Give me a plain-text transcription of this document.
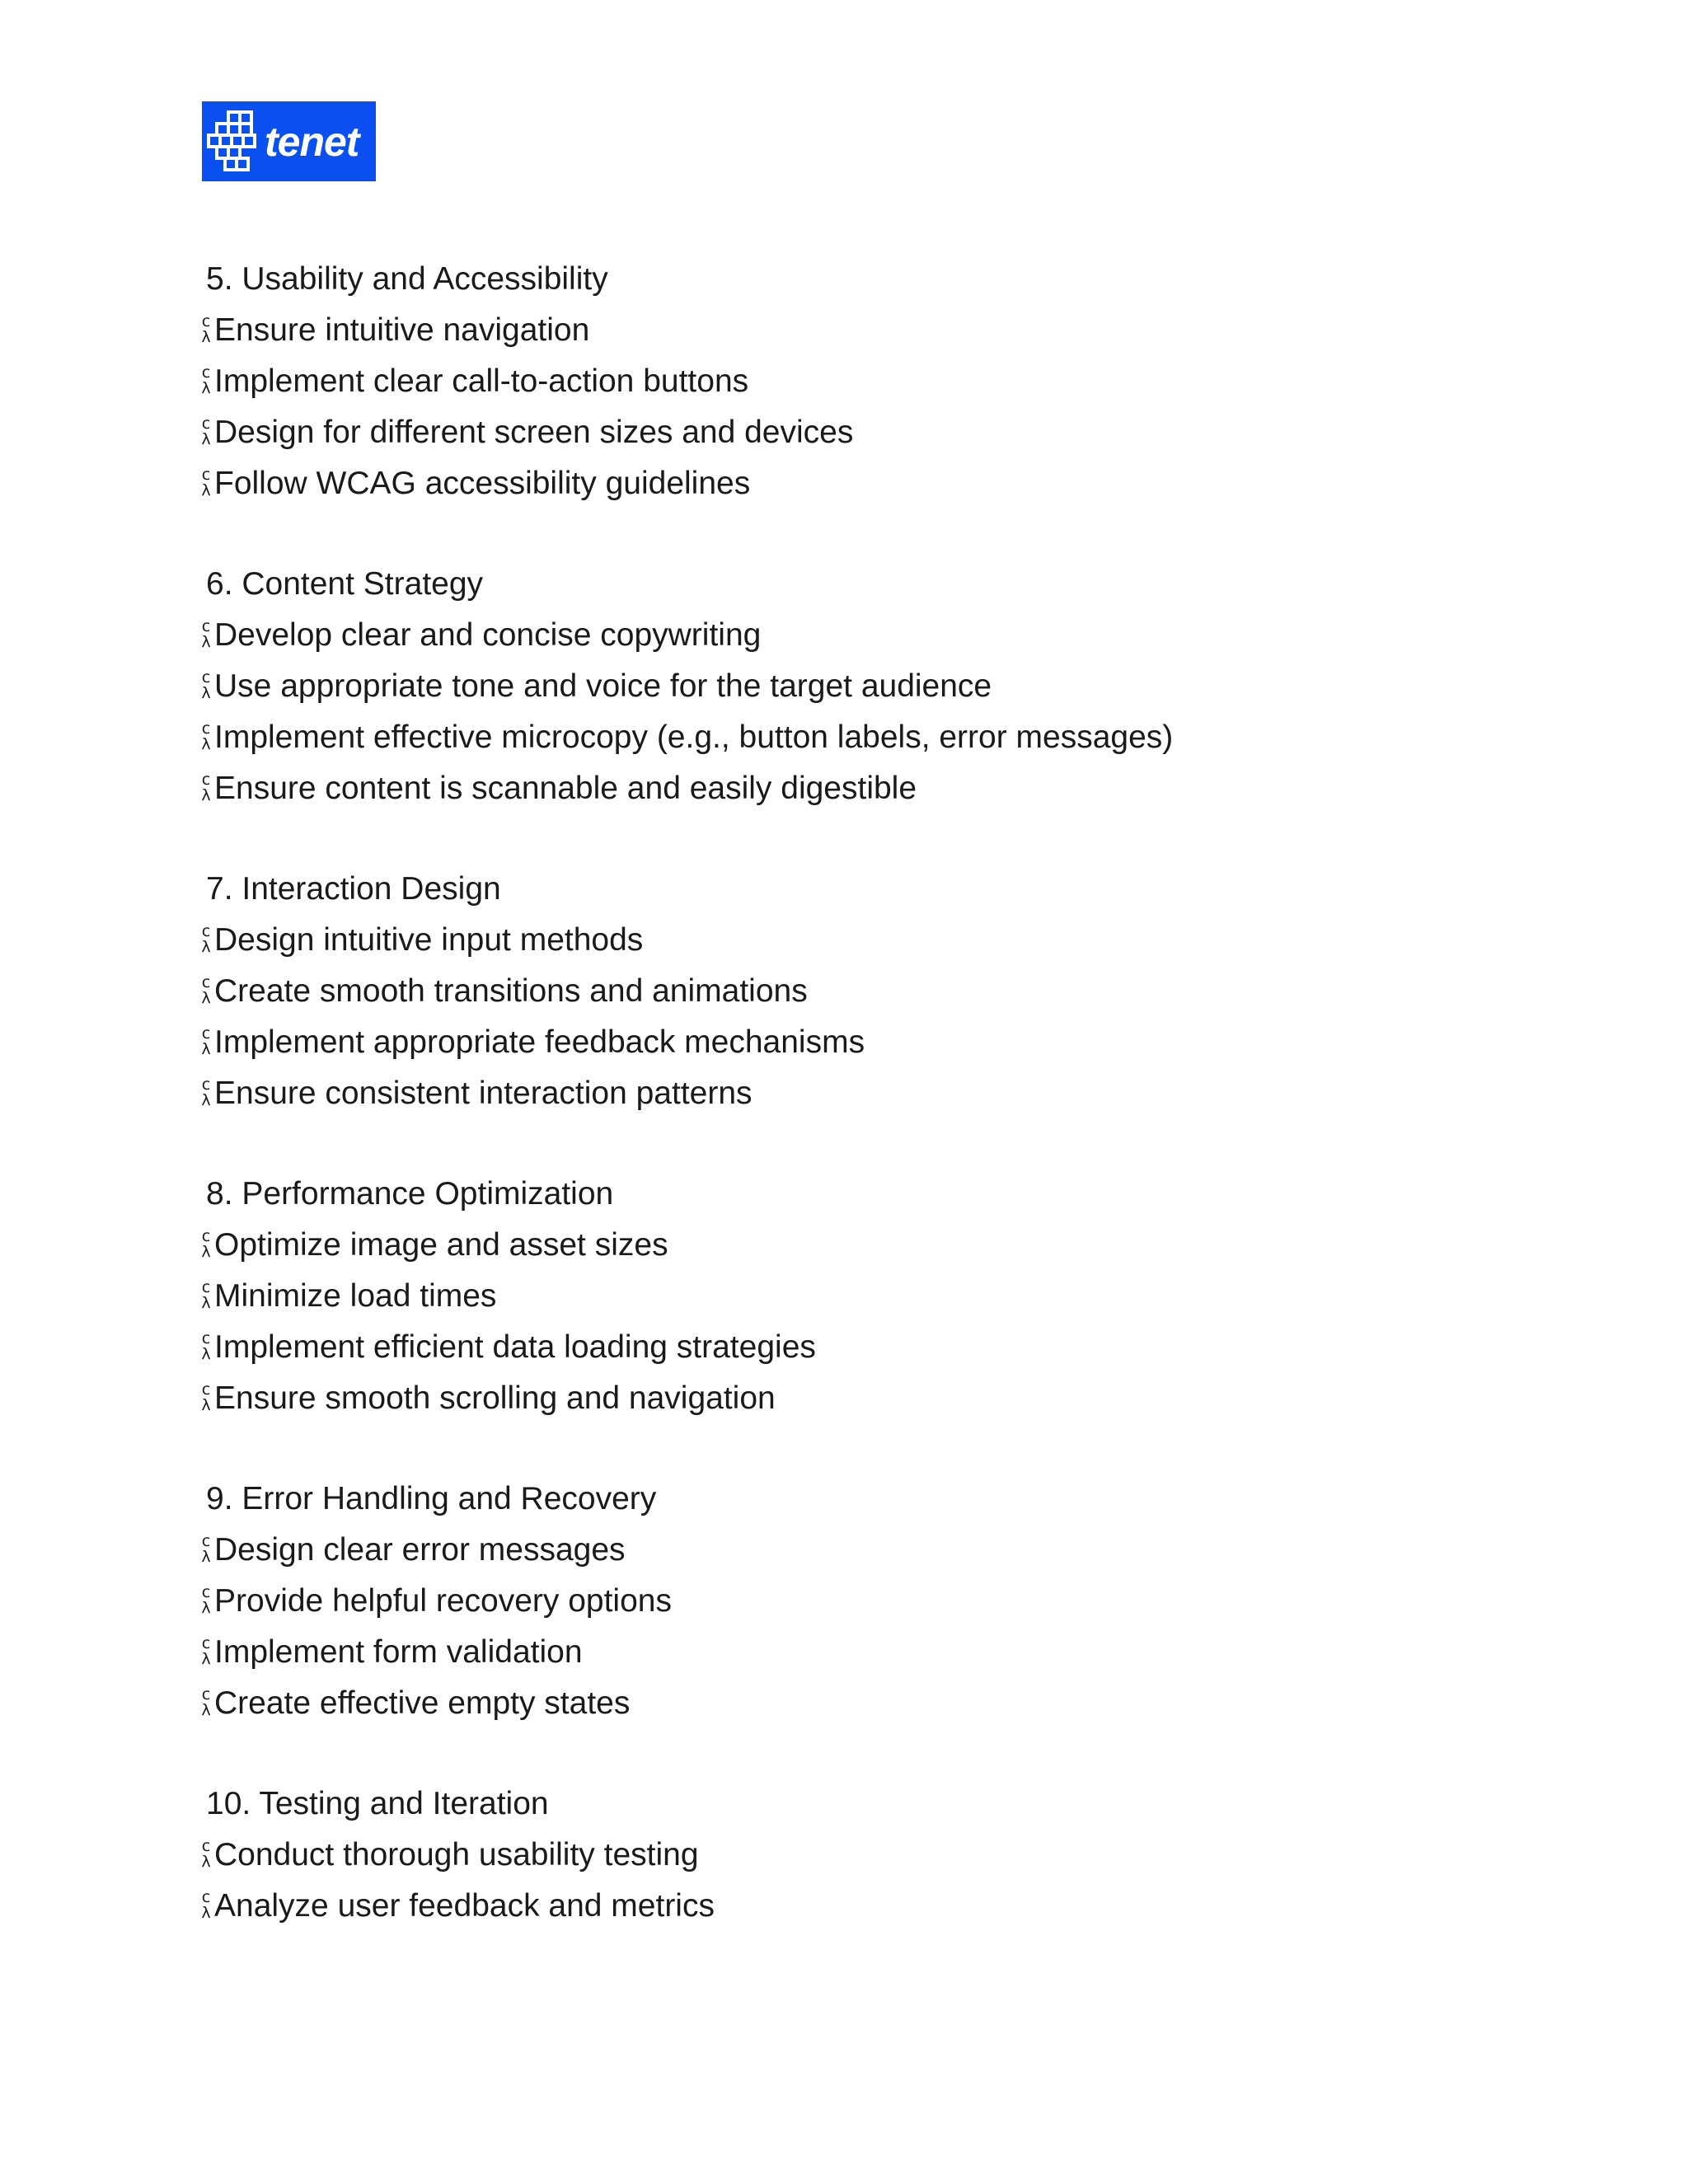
tenet
5. Usability and Accessibility
c
λ Ensure intuitive navigation
c
λ Implement clear call-to-action buttons
c
λ Design for different screen sizes and devices
c
λ Follow WCAG accessibility guidelines
6. Content Strategy
c
λ Develop clear and concise copywriting
c
λ Use appropriate tone and voice for the target audience
c
λ Implement effective microcopy (e.g., button labels, error messages)
c
λ Ensure content is scannable and easily digestible
7. Interaction Design
c
λ Design intuitive input methods
c
λ Create smooth transitions and animations
c
λ Implement appropriate feedback mechanisms
c
λ Ensure consistent interaction patterns
8. Performance Optimization
c
λ Optimize image and asset sizes
c
λ Minimize load times
c
λ Implement efficient data loading strategies
c
λ Ensure smooth scrolling and navigation
9. Error Handling and Recovery
c
λ Design clear error messages
c
λ Provide helpful recovery options
c
λ Implement form validation
c
λ Create effective empty states
10. Testing and Iteration
c
λ Conduct thorough usability testing
c
λ Analyze user feedback and metrics
